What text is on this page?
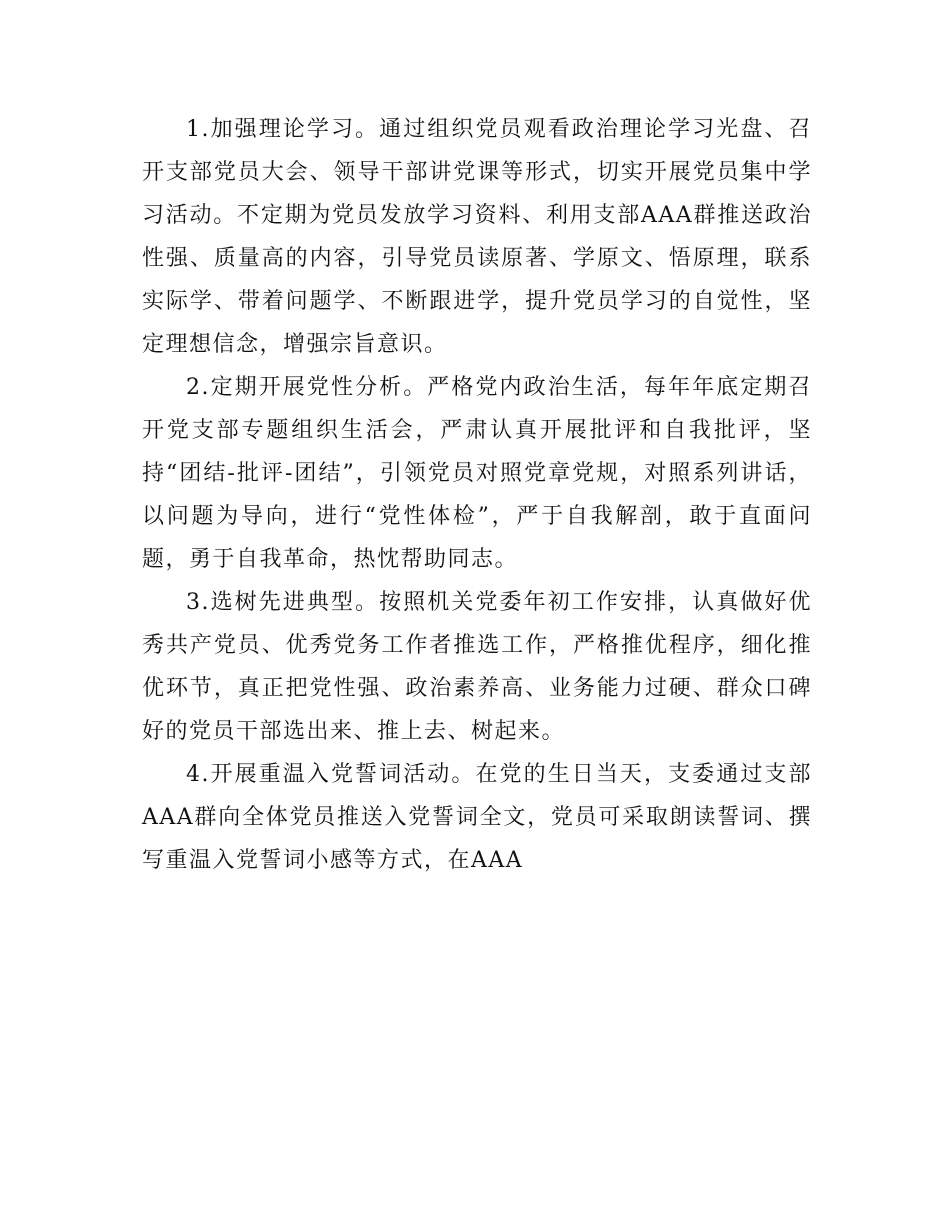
1.加强理论学习。通过组织党员观看政治理论学习光盘、召开支部党员大会、领导干部讲党课等形式，切实开展党员集中学习活动。不定期为党员发放学习资料、利用支部AAA群推送政治性强、质量高的内容，引导党员读原著、学原文、悟原理，联系实际学、带着问题学、不断跟进学，提升党员学习的自觉性，坚定理想信念，增强宗旨意识。

2.定期开展党性分析。严格党内政治生活，每年年底定期召开党支部专题组织生活会，严肃认真开展批评和自我批评，坚持“团结-批评-团结”，引领党员对照党章党规，对照系列讲话，以问题为导向，进行“党性体检”，严于自我解剖，敢于直面问题，勇于自我革命，热忱帮助同志。

3.选树先进典型。按照机关党委年初工作安排，认真做好优秀共产党员、优秀党务工作者推选工作，严格推优程序，细化推优环节，真正把党性强、政治素养高、业务能力过硬、群众口碑好的党员干部选出来、推上去、树起来。

4.开展重温入党誓词活动。在党的生日当天，支委通过支部AAA群向全体党员推送入党誓词全文，党员可采取朗读誓词、撰写重温入党誓词小感等方式，在AAA
